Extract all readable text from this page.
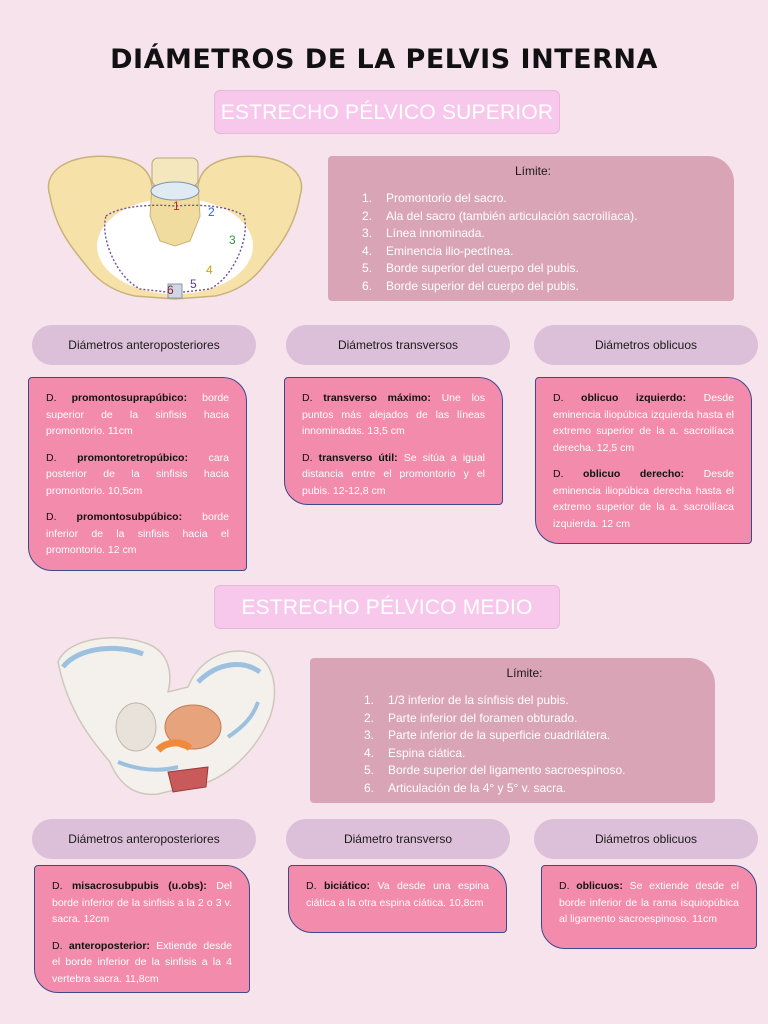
DIÁMETROS DE LA PELVIS INTERNA
ESTRECHO PÉLVICO SUPERIOR
1 2
3
4
5
6
Límite:
1.	Promontorio del sacro.
2.	Ala del sacro (también articulación sacroilíaca).
3.	Línea innominada.
4.	Eminencia ilio-pectínea.
5.	Borde superior del cuerpo del pubis.
6.	Borde superior del cuerpo del pubis.
Diámetros anteroposteriores	Diámetros transversos	Diámetros oblicuos

D. promontosuprapúbico: borde superior de la sinfisis hacia promontorio. 11cm

D. promontoretropúbico: cara posterior de la sinfisis hacia promontorio. 10,5cm

D. promontosubpúbico: borde inferior de la sinfisis hacia el promontorio. 12 cm

D. transverso máximo: Une los puntos más alejados de las líneas innominadas. 13,5 cm

D. transverso útil: Se sitúa a igual distancia entre el promontorio y el pubis. 12-12,8 cm

D. oblicuo izquierdo: Desde eminencia iliopúbica izquierda hasta el extremo superior de la a. sacroilíaca derecha. 12,5 cm

D. oblicuo derecho: Desde eminencia iliopúbica derecha hasta el extremo superior de la a. sacroilíaca izquierda. 12 cm

ESTRECHO PÉLVICO MEDIO
Límite:
1.	1/3 inferior de la sínfisis del pubis.
2.	Parte inferior del foramen obturado.
3.	Parte inferior de la superficie cuadrilátera.
4.	Espina ciática.
5.	Borde superior del ligamento sacroespinoso.
6.	Articulación de la 4° y 5° v. sacra.
Diámetros anteroposteriores	Diámetro transverso	Diámetros oblicuos

D. misacrosubpubis (u.obs): Del borde inferior de la sinfisis a la 2 o 3 v. sacra. 12cm

D. anteroposterior: Extiende desde el borde inferior de la sinfisis a la 4 vertebra sacra. 11,8cm

D. biciático: Va desde una espina ciática a la otra espina ciática. 10,8cm

D. oblicuos: Se extiende desde el borde inferior de la rama isquiopúbica al ligamento sacroespinoso. 11cm
